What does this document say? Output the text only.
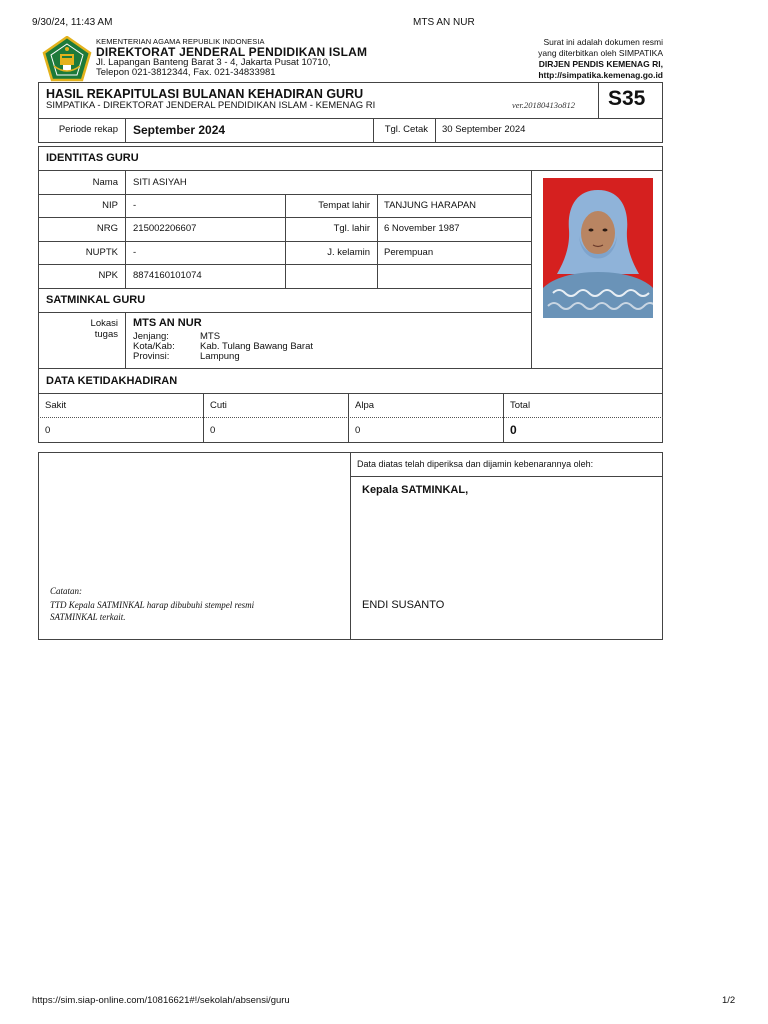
9/30/24, 11:43 AM	MTS AN NUR
KEMENTERIAN AGAMA REPUBLIK INDONESIA
DIREKTORAT JENDERAL PENDIDIKAN ISLAM
Jl. Lapangan Banteng Barat 3 - 4, Jakarta Pusat 10710,
Telepon 021-3812344, Fax. 021-34833981
Surat ini adalah dokumen resmi
yang diterbitkan oleh SIMPATIKA
DIRJEN PENDIS KEMENAG RI,
http://simpatika.kemenag.go.id
HASIL REKAPITULASI BULANAN KEHADIRAN GURU
SIMPATIKA - DIREKTORAT JENDERAL PENDIDIKAN ISLAM - KEMENAG RI	ver.20180413o812 S35
Periode rekap September 2024	Tgl. Cetak 30 September 2024
IDENTITAS GURU
Nama SITI ASIYAH
NIP -	Tempat lahir TANJUNG HARAPAN
NRG 215002206607	Tgl. lahir 6 November 1987
NUPTK -	J. kelamin Perempuan
NPK 8874160101074
SATMINKAL GURU
Lokasi
tugas
MTS AN NUR
Jenjang:	MTS
Kota/Kab:	Kab. Tulang Bawang Barat
Provinsi:	Lampung
DATA KETIDAKHADIRAN
Sakit	Cuti	Alpa	Total
0	0	0	0
Data diatas telah diperiksa dan dijamin kebenarannya oleh:
Kepala SATMINKAL,
ENDI SUSANTO
Catatan:
TTD Kepala SATMINKAL harap dibubuhi stempel resmi
SATMINKAL terkait.
https://sim.siap-online.com/10816621#!/sekolah/absensi/guru	1/2
